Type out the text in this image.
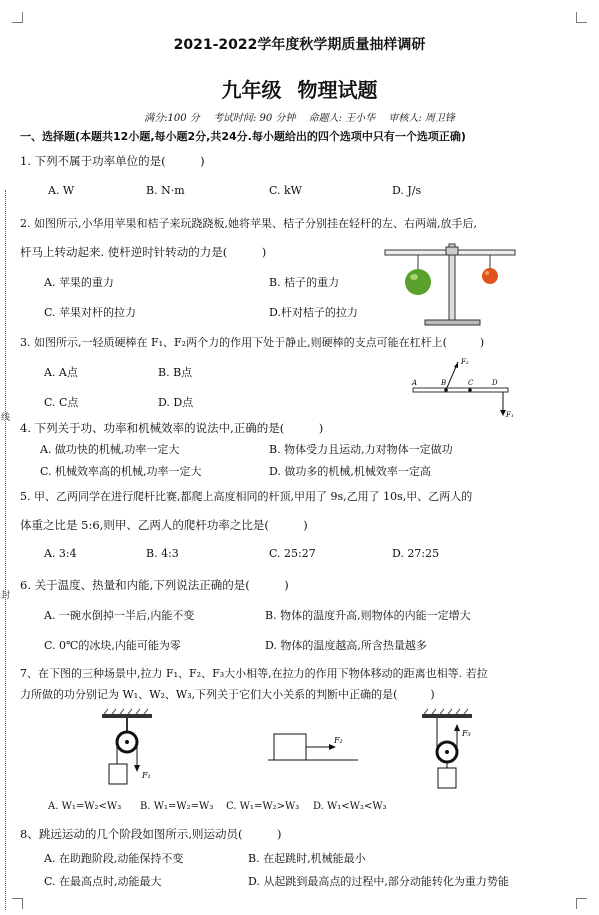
线
封
2021-2022学年度秋学期质量抽样调研
九年级 物理试题
满分:100 分 考试时间: 90 分钟 命题人: 王小华 审核人: 周卫锋
一、选择题(本题共12小题,每小题2分,共24分.每小题给出的四个选项中只有一个选项正确)
1. 下列不属于功率单位的是(　　　)
A. W	B. N·m	C. kW	D. J/s
2. 如图所示,小华用苹果和桔子来玩跷跷板,她将苹果、桔子分别挂在轻杆的左、右两端,放手后,
杆马上转动起来. 使杆逆时针转动的力是(　　　)
A. 苹果的重力	B. 桔子的重力
C. 苹果对杆的拉力	D.杆对桔子的拉力
3. 如图所示,一轻质硬棒在 F₁、F₂两个力的作用下处于静止,则硬棒的支点可能在杠杆上(　　　)
A. A点	B. B点
C. C点	D. D点
F₂
F₁
A	B	C	D
4. 下列关于功、功率和机械效率的说法中,正确的是(　　　)
A. 做功快的机械,功率一定大	B. 物体受力且运动,力对物体一定做功
C. 机械效率高的机械,功率一定大	D. 做功多的机械,机械效率一定高
5. 甲、乙两同学在进行爬杆比赛,都爬上高度相同的杆顶,甲用了 9s,乙用了 10s,甲、乙两人的
体重之比是 5:6,则甲、乙两人的爬杆功率之比是(　　　)
A. 3:4	B. 4:3	C. 25:27	D. 27:25
6. 关于温度、热量和内能,下列说法正确的是(　　　)
A. 一碗水倒掉一半后,内能不变	B. 物体的温度升高,则物体的内能一定增大
C. 0℃的冰块,内能可能为零	D. 物体的温度越高,所含热量越多
7、在下图的三种场景中,拉力 F₁、F₂、F₃大小相等,在拉力的作用下物体移动的距离也相等. 若拉
力所做的功分别记为 W₁、W₂、W₃,下列关于它们大小关系的判断中正确的是(　　　)
F₁
F₂
F₃
A. W₁=W₂<W₃ B. W₁=W₂=W₃ C. W₁=W₂>W₃ D. W₁<W₂<W₃
8、跳远运动的几个阶段如图所示,则运动员(　　　)
A. 在助跑阶段,动能保持不变	B. 在起跳时,机械能最小
C. 在最高点时,动能最大	D. 从起跳到最高点的过程中,部分动能转化为重力势能
